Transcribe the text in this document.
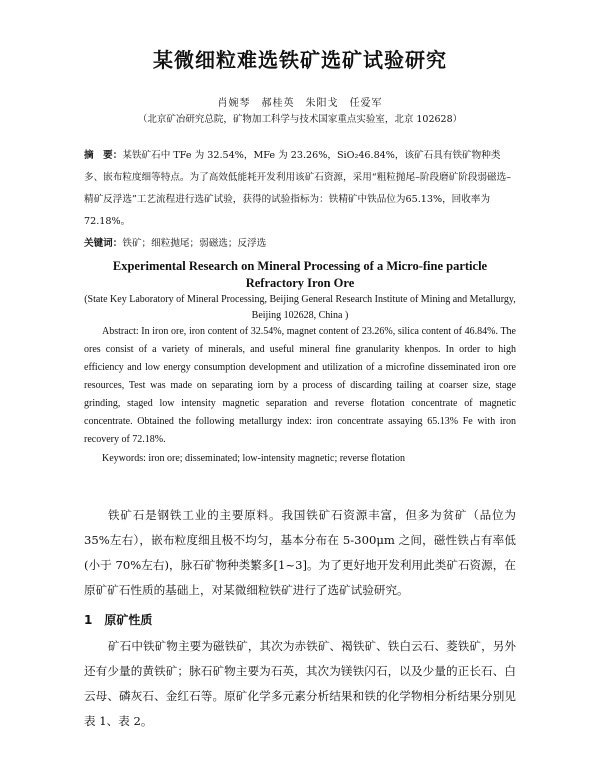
某微细粒难选铁矿选矿试验研究
肖婉琴　郝桂英　朱阳戈　任爱军
（北京矿冶研究总院，矿物加工科学与技术国家重点实验室，北京 102628）
摘　要：某铁矿石中 TFe 为 32.54%，MFe 为 23.26%，SiO₂46.84%，该矿石具有铁矿物种类多、嵌布粒度细等特点。为了高效低能耗开发利用该矿石资源，采用“粗粒抛尾–阶段磨矿阶段弱磁选–精矿反浮选”工艺流程进行选矿试验，获得的试验指标为：铁精矿中铁品位为65.13%，回收率为72.18%。
关键词：铁矿；细粒抛尾；弱磁选；反浮选
Experimental Research on Mineral Processing of a Micro-fine particle Refractory Iron Ore
(State Key Laboratory of Mineral Processing, Beijing General Research Institute of Mining and Metallurgy, Beijing 102628, China )
Abstract: In iron ore, iron content of 32.54%, magnet content of 23.26%, silica content of 46.84%. The ores consist of a variety of minerals, and useful mineral fine granularity khenpos. In order to high efficiency and low energy consumption development and utilization of a microfine disseminated iron ore resources, Test was made on separating iorn by a process of discarding tailing at coarser size, stage grinding, staged low intensity magnetic separation and reverse flotation concentrate of magnetic concentrate. Obtained the following metallurgy index: iron concentrate assaying 65.13% Fe with iron recovery of 72.18%.
Keywords: iron ore; disseminated; low-intensity magnetic; reverse flotation
铁矿石是钢铁工业的主要原料。我国铁矿石资源丰富，但多为贫矿（品位为35%左右），嵌布粒度细且极不均匀，基本分布在 5-300μm 之间，磁性铁占有率低(小于 70%左右)，脉石矿物种类繁多[1~3]。为了更好地开发利用此类矿石资源，在原矿矿石性质的基础上，对某微细粒铁矿进行了选矿试验研究。
1　原矿性质
矿石中铁矿物主要为磁铁矿，其次为赤铁矿、褐铁矿、铁白云石、菱铁矿，另外还有少量的黄铁矿；脉石矿物主要为石英，其次为镁铁闪石，以及少量的正长石、白云母、磷灰石、金红石等。原矿化学多元素分析结果和铁的化学物相分析结果分别见表 1、表 2。
